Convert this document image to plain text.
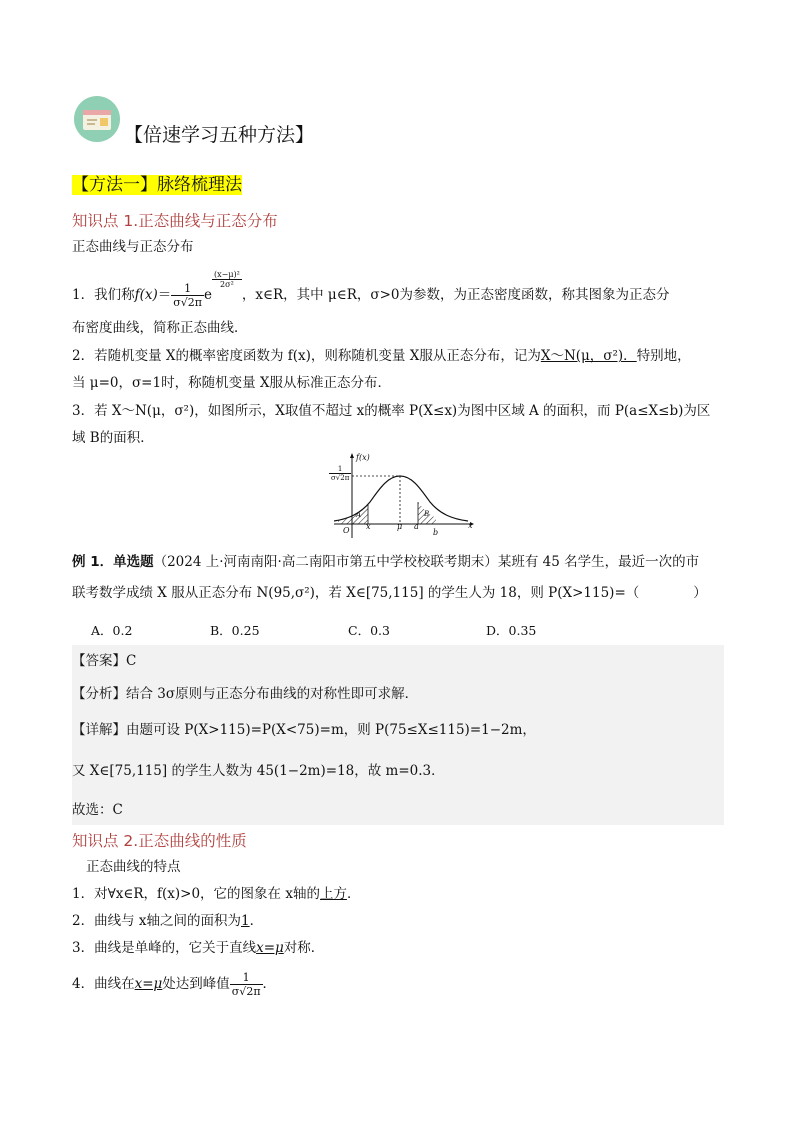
【倍速学习五种方法】
【方法一】脉络梳理法
知识点 1.正态曲线与正态分布
正态曲线与正态分布
1．我们称$f(x)= \frac{1}{\sigma√2\pi}$ e
$\frac{\text{(x−μ)²}}{\text{2σ²}}$
，x∈R，其中 μ∈R，σ>0为参数，为正态密度函数，称其图象为正态分
布密度曲线，简称正态曲线．
2．若随机变量 X的概率密度函数为 f(x)，则称随机变量 X服从正态分布，记为X～N(μ，σ²)．特别地，
当 μ=0，σ=1时，称随机变量 X服从标准正态分布．
3．若 X～N(μ，σ²)，如图所示，X取值不超过 x的概率 P(X≤x)为图中区域 A 的面积，而 P(a≤X≤b)为区
域 B的面积．
f(x)
$\frac{1}{\sigma√2\pi}$
O x	μ a
b
x
A	B
例 1．单选题（2024 上·河南南阳·高二南阳市第五中学校校联考期末）某班有 45 名学生，最近一次的市
联考数学成绩 X 服从正态分布 N(95,σ²)，若 X∈[75,115] 的学生人为 18，则 P(X>115)=（　　　　）
A．0.2	B．0.25	C．0.3	D．0.35
【答案】C
【分析】结合 3σ原则与正态分布曲线的对称性即可求解．
【详解】由题可设 P(X>115)=P(X<75)=m，则 P(75≤X≤115)=1−2m，
又 X∈[75,115] 的学生人数为 45(1−2m)=18，故 m=0.3．
故选：C
知识点 2.正态曲线的性质
正态曲线的特点
1．对∀x∈R，f(x)>0，它的图象在 x轴的上方．
2．曲线与 x轴之间的面积为1．
3．曲线是单峰的，它关于直线x=μ对称．
4．曲线在x=μ处达到峰值 $\frac{1}{\sigma√2\pi}$ ．
